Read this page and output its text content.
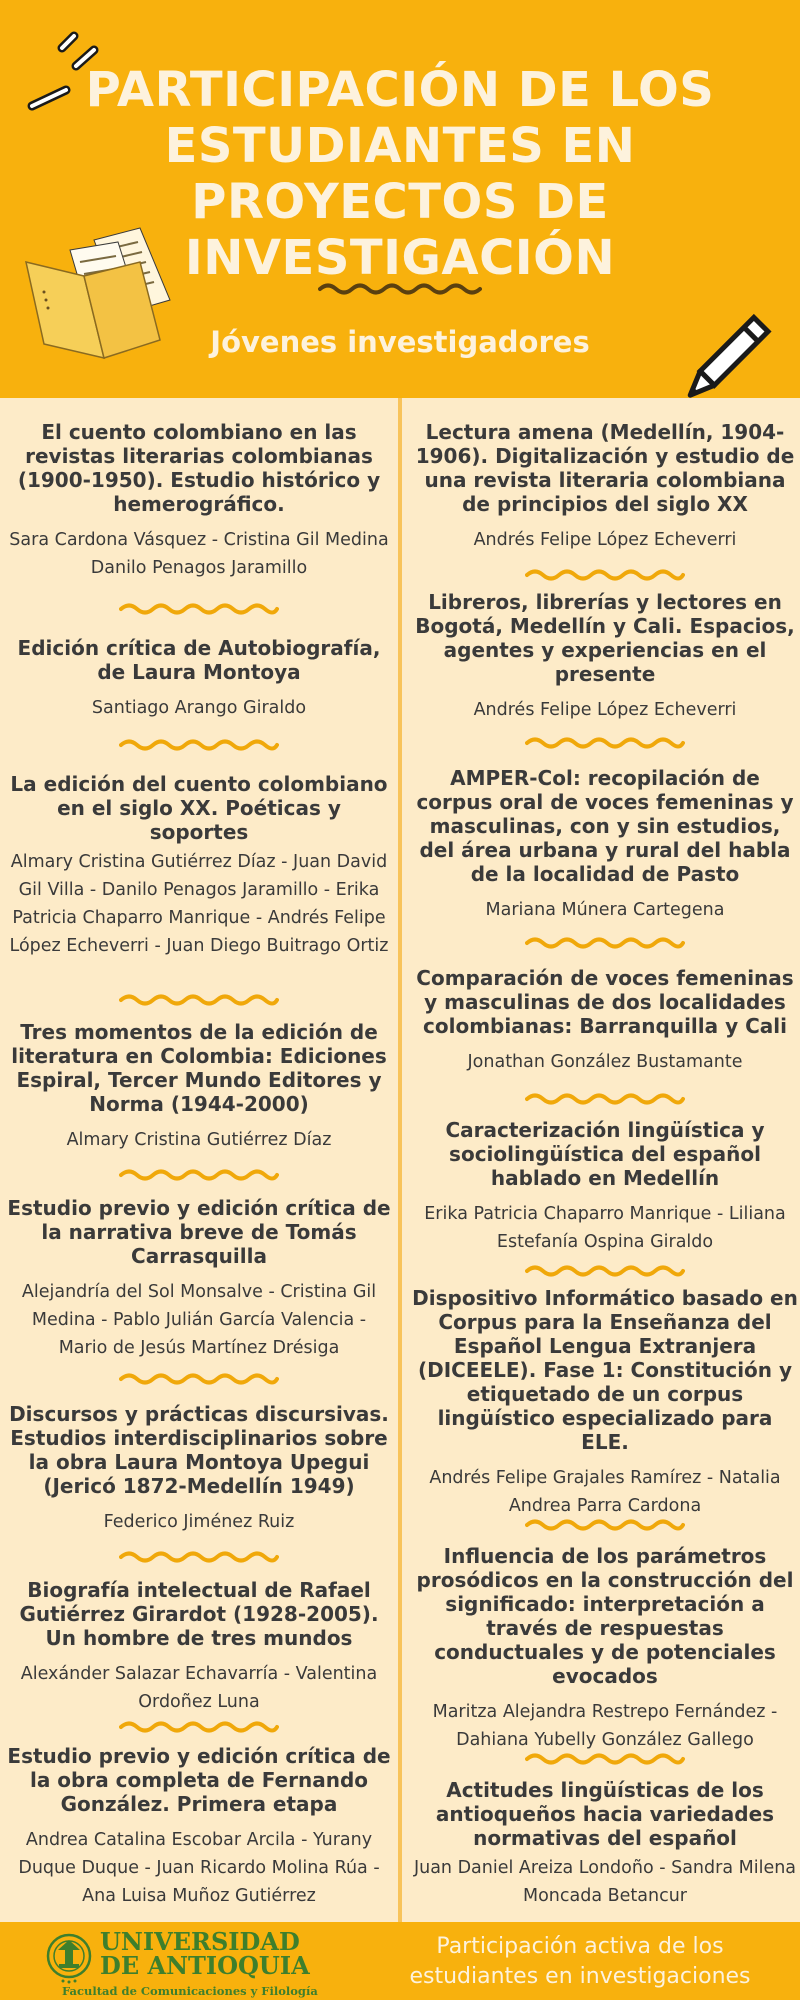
PARTICIPACIÓN DE LOS ESTUDIANTES EN PROYECTOS DE INVESTIGACIÓN
Jóvenes investigadores
El cuento colombiano en las revistas literarias colombianas (1900-1950). Estudio histórico y hemerográfico.

Sara Cardona Vásquez - Cristina Gil Medina Danilo Penagos Jaramillo

Edición crítica de Autobiografía, de Laura Montoya

Santiago Arango Giraldo

La edición del cuento colombiano en el siglo XX. Poéticas y soportes

Almary Cristina Gutiérrez Díaz - Juan David Gil Villa - Danilo Penagos Jaramillo - Erika Patricia Chaparro Manrique - Andrés Felipe López Echeverri - Juan Diego Buitrago Ortiz

Tres momentos de la edición de literatura en Colombia: Ediciones Espiral, Tercer Mundo Editores y Norma (1944-2000)

Almary Cristina Gutiérrez Díaz

Estudio previo y edición crítica de la narrativa breve de Tomás Carrasquilla

Alejandría del Sol Monsalve - Cristina Gil Medina - Pablo Julián García Valencia - Mario de Jesús Martínez Drésiga

Discursos y prácticas discursivas. Estudios interdisciplinarios sobre la obra Laura Montoya Upegui (Jericó 1872-Medellín 1949)

Federico Jiménez Ruiz

Biografía intelectual de Rafael Gutiérrez Girardot (1928-2005). Un hombre de tres mundos

Alexánder Salazar Echavarría - Valentina Ordoñez Luna

Estudio previo y edición crítica de la obra completa de Fernando González. Primera etapa

Andrea Catalina Escobar Arcila - Yurany Duque Duque - Juan Ricardo Molina Rúa - Ana Luisa Muñoz Gutiérrez

Lectura amena (Medellín, 1904-1906). Digitalización y estudio de una revista literaria colombiana de principios del siglo XX

Andrés Felipe López Echeverri

Libreros, librerías y lectores en Bogotá, Medellín y Cali. Espacios, agentes y experiencias en el presente

Andrés Felipe López Echeverri

AMPER-Col: recopilación de corpus oral de voces femeninas y masculinas, con y sin estudios, del área urbana y rural del habla de la localidad de Pasto

Mariana Múnera Cartegena

Comparación de voces femeninas y masculinas de dos localidades colombianas: Barranquilla y Cali

Jonathan González Bustamante

Caracterización lingüística y sociolingüística del español hablado en Medellín

Erika Patricia Chaparro Manrique - Liliana Estefanía Ospina Giraldo

Dispositivo Informático basado en Corpus para la Enseñanza del Español Lengua Extranjera (DICEELE). Fase 1: Constitución y etiquetado de un corpus lingüístico especializado para ELE.

Andrés Felipe Grajales Ramírez - Natalia Andrea Parra Cardona

Influencia de los parámetros prosódicos en la construcción del significado: interpretación a través de respuestas conductuales y de potenciales evocados

Maritza Alejandra Restrepo Fernández - Dahiana Yubelly González Gallego

Actitudes lingüísticas de los antioqueños hacia variedades normativas del español

Juan Daniel Areiza Londoño - Sandra Milena Moncada Betancur

UNIVERSIDAD
DE ANTIOQUIA
Facultad de Comunicaciones y Filología
Participación activa de los estudiantes en investigaciones
